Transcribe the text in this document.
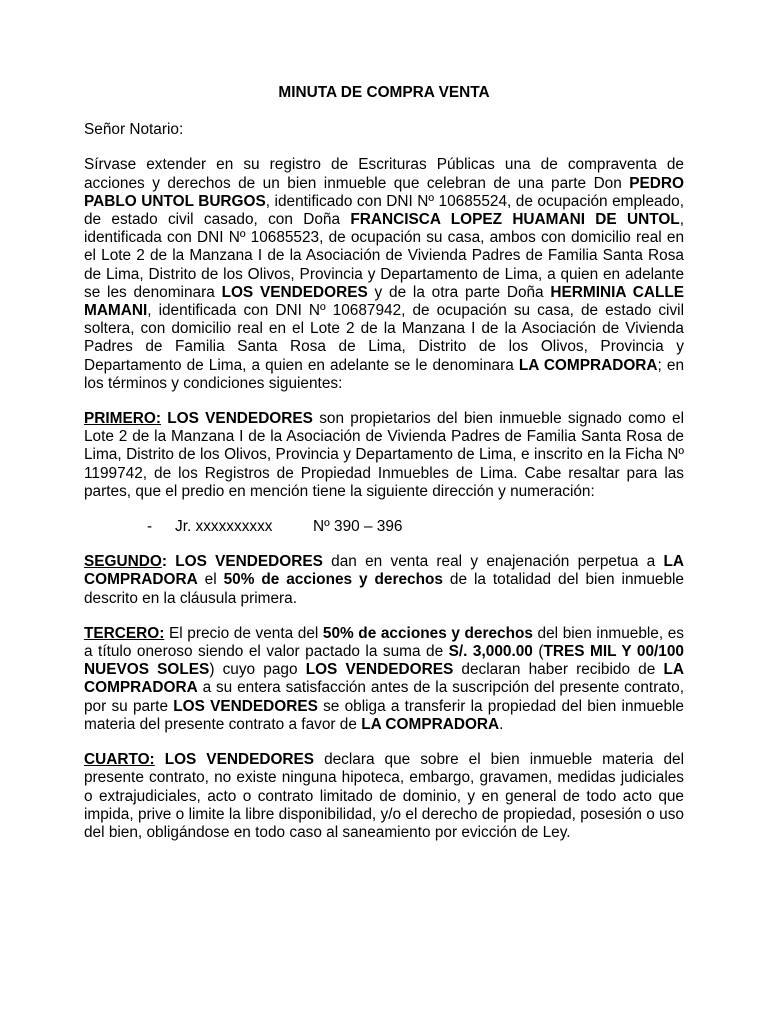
MINUTA DE COMPRA VENTA
Señor Notario:

Sírvase extender en su registro de Escrituras Públicas una de compraventa de acciones y derechos de un bien inmueble que celebran de una parte Don PEDRO PABLO UNTOL BURGOS, identificado con DNI Nº 10685524, de ocupación empleado, de estado civil casado, con Doña FRANCISCA LOPEZ HUAMANI DE UNTOL, identificada con DNI Nº 10685523, de ocupación su casa, ambos con domicilio real en el Lote 2 de la Manzana I de la Asociación de Vivienda Padres de Familia Santa Rosa de Lima, Distrito de los Olivos, Provincia y Departamento de Lima, a quien en adelante se les denominara LOS VENDEDORES y de la otra parte Doña HERMINIA CALLE MAMANI, identificada con DNI Nº 10687942, de ocupación su casa, de estado civil soltera, con domicilio real en el Lote 2 de la Manzana I de la Asociación de Vivienda Padres de Familia Santa Rosa de Lima, Distrito de los Olivos, Provincia y Departamento de Lima, a quien en adelante se le denominara LA COMPRADORA; en los términos y condiciones siguientes:

PRIMERO: LOS VENDEDORES son propietarios del bien inmueble signado como el Lote 2 de la Manzana I de la Asociación de Vivienda Padres de Familia Santa Rosa de Lima, Distrito de los Olivos, Provincia y Departamento de Lima, e inscrito en la Ficha Nº 1199742, de los Registros de Propiedad Inmuebles de Lima. Cabe resaltar para las partes, que el predio en mención tiene la siguiente dirección y numeración:

-	Jr. xxxxxxxxxx	Nº 390 – 396

SEGUNDO: LOS VENDEDORES dan en venta real y enajenación perpetua a LA COMPRADORA el 50% de acciones y derechos de la totalidad del bien inmueble descrito en la cláusula primera.

TERCERO: El precio de venta del 50% de acciones y derechos del bien inmueble, es a título oneroso siendo el valor pactado la suma de S/. 3,000.00 (TRES MIL Y 00/100 NUEVOS SOLES) cuyo pago LOS VENDEDORES declaran haber recibido de LA COMPRADORA a su entera satisfacción antes de la suscripción del presente contrato, por su parte LOS VENDEDORES se obliga a transferir la propiedad del bien inmueble materia del presente contrato a favor de LA COMPRADORA.

CUARTO: LOS VENDEDORES declara que sobre el bien inmueble materia del presente contrato, no existe ninguna hipoteca, embargo, gravamen, medidas judiciales o extrajudiciales, acto o contrato limitado de dominio, y en general de todo acto que impida, prive o limite la libre disponibilidad, y/o el derecho de propiedad, posesión o uso del bien, obligándose en todo caso al saneamiento por evicción de Ley.
